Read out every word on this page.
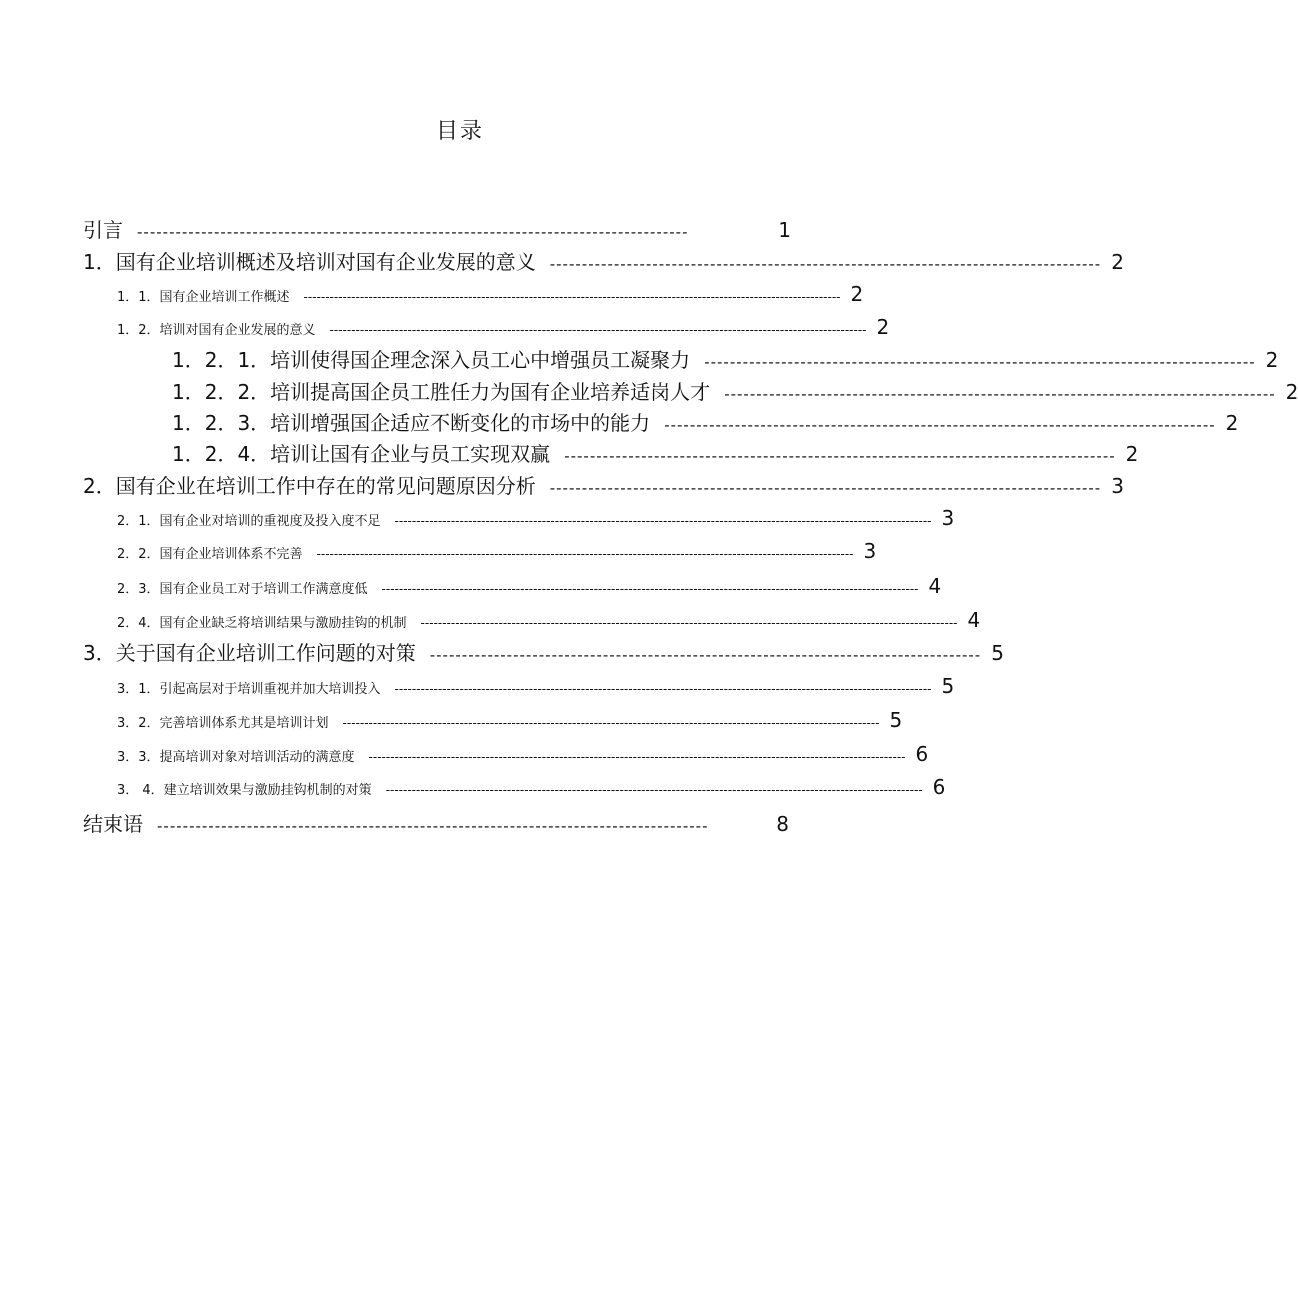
目录
引言 --------------------------------------------------------------------------------------	1
1．国有企业培训概述及培训对国有企业发展的意义 -------------------------------------------------------------------------------------- 2
1．1．国有企业培训工作概述 ---------------------------------------------------------------------------------------------------------------------------- 2
1．2．培训对国有企业发展的意义 ---------------------------------------------------------------------------------------------------------------------------- 2
1．2．1．培训使得国企理念深入员工心中增强员工凝聚力 -------------------------------------------------------------------------------------- 2
1．2．2．培训提高国企员工胜任力为国有企业培养适岗人才 -------------------------------------------------------------------------------------- 2
1．2．3．培训增强国企适应不断变化的市场中的能力 -------------------------------------------------------------------------------------- 2
1．2．4．培训让国有企业与员工实现双赢 -------------------------------------------------------------------------------------- 2
2．国有企业在培训工作中存在的常见问题原因分析 -------------------------------------------------------------------------------------- 3
2．1．国有企业对培训的重视度及投入度不足 ---------------------------------------------------------------------------------------------------------------------------- 3
2．2．国有企业培训体系不完善 ---------------------------------------------------------------------------------------------------------------------------- 3
2．3．国有企业员工对于培训工作满意度低 ---------------------------------------------------------------------------------------------------------------------------- 4
2．4．国有企业缺乏将培训结果与激励挂钩的机制 ---------------------------------------------------------------------------------------------------------------------------- 4
3．关于国有企业培训工作问题的对策 -------------------------------------------------------------------------------------- 5
3．1．引起高层对于培训重视并加大培训投入 ---------------------------------------------------------------------------------------------------------------------------- 5
3．2．完善培训体系尤其是培训计划 ---------------------------------------------------------------------------------------------------------------------------- 5
3．3．提高培训对象对培训活动的满意度 ---------------------------------------------------------------------------------------------------------------------------- 6
3． 4．建立培训效果与激励挂钩机制的对策 ---------------------------------------------------------------------------------------------------------------------------- 6
结束语 --------------------------------------------------------------------------------------	8
